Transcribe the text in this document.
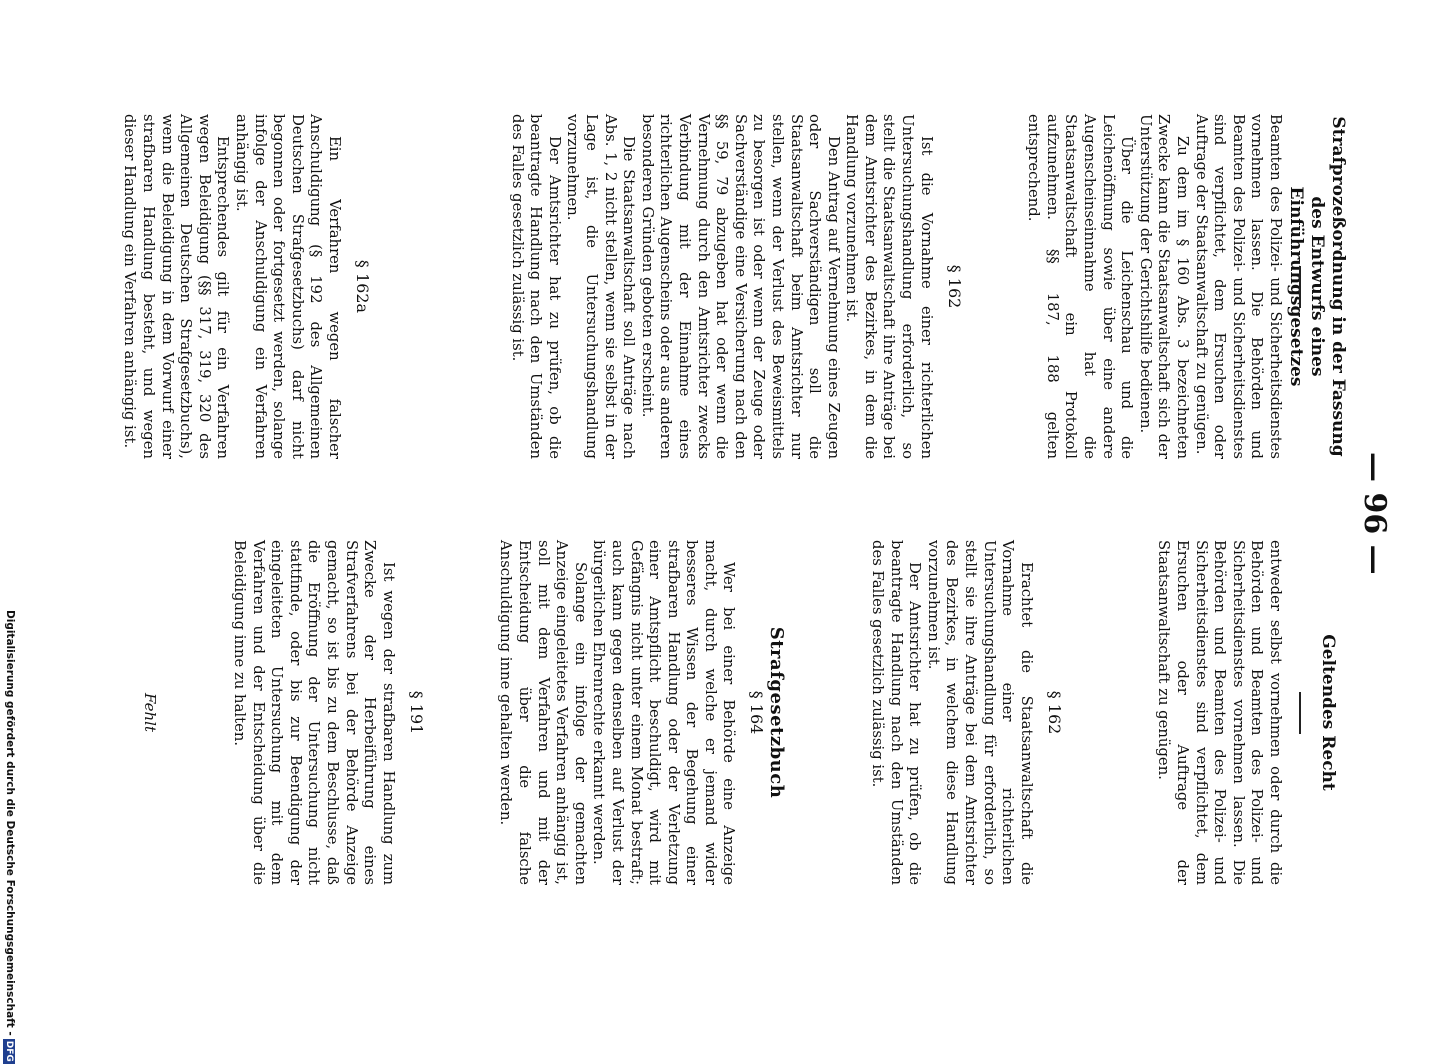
— 96 —
Strafprozeßordnung in der Fassung
des Entwurfs eines Einführungsgesetzes

Beamten des Polizei- und Sicherheitsdienstes vornehmen lassen. Die Behörden und Beamten des Polizei- und Sicherheitsdienstes sind verpflichtet, dem Ersuchen oder Auftrage der Staatsanwaltschaft zu genügen.

Zu dem im § 160 Abs. 3 bezeichneten Zwecke kann die Staatsanwaltschaft sich der Unterstützung der Gerichtshilfe bedienen.

Über die Leichenschau und die Leichenöffnung sowie über eine andere Augenscheinseinnahme hat die Staatsanwaltschaft ein Protokoll aufzunehmen. §§ 187, 188 gelten entsprechend.

§ 162

Ist die Vornahme einer richterlichen Untersuchungshandlung erforderlich, so stellt die Staatsanwaltschaft ihre Anträge bei dem Amtsrichter des Bezirkes, in dem die Handlung vorzunehmen ist.

Den Antrag auf Vernehmung eines Zeugen oder Sachverständigen soll die Staatsanwaltschaft beim Amtsrichter nur stellen, wenn der Verlust des Beweismittels zu besorgen ist oder wenn der Zeuge oder Sachverständige eine Versicherung nach den §§ 59, 79 abzugeben hat oder wenn die Vernehmung durch den Amtsrichter zwecks Verbindung mit der Einnahme eines richterlichen Augenscheins oder aus anderen besonderen Gründen geboten erscheint.

Die Staatsanwaltschaft soll Anträge nach Abs. 1, 2 nicht stellen, wenn sie selbst in der Lage ist, die Untersuchungshandlung vorzunehmen.

Der Amtsrichter hat zu prüfen, ob die beantragte Handlung nach den Umständen des Falles gesetzlich zulässig ist.

§ 162a

Ein Verfahren wegen falscher Anschuldigung (§ 192 des Allgemeinen Deutschen Strafgesetzbuchs) darf nicht begonnen oder fortgesetzt werden, solange infolge der Anschuldigung ein Verfahren anhängig ist.

Entsprechendes gilt für ein Verfahren wegen Beleidigung (§§ 317, 319, 320 des Allgemeinen Deutschen Strafgesetzbuchs), wenn die Beleidigung in dem Vorwurf einer strafbaren Handlung besteht, und wegen dieser Handlung ein Verfahren anhängig ist.

Geltendes Recht

entweder selbst vornehmen oder durch die Behörden und Beamten des Polizei- und Sicherheitsdienstes vornehmen lassen. Die Behörden und Beamten des Polizei- und Sicherheitsdienstes sind verpflichtet, dem Ersuchen oder Auftrage der Staatsanwaltschaft zu genügen.

§ 162

Erachtet die Staatsanwaltschaft die Vornahme einer richterlichen Untersuchungshandlung für erforderlich, so stellt sie ihre Anträge bei dem Amtsrichter des Bezirkes, in welchem diese Handlung vorzunehmen ist.

Der Amtsrichter hat zu prüfen, ob die beantragte Handlung nach den Umständen des Falles gesetzlich zulässig ist.

Strafgesetzbuch
§ 164

Wer bei einer Behörde eine Anzeige macht, durch welche er jemand wider besseres Wissen der Begehung einer strafbaren Handlung oder der Verletzung einer Amtspflicht beschuldigt, wird mit Gefängnis nicht unter einem Monat bestraft; auch kann gegen denselben auf Verlust der bürgerlichen Ehrenrechte erkannt werden.

Solange ein infolge der gemachten Anzeige eingeleitetes Verfahren anhängig ist, soll mit dem Verfahren und mit der Entscheidung über die falsche Anschuldigung inne gehalten werden.

§ 191

Ist wegen der strafbaren Handlung zum Zwecke der Herbeiführung eines Strafverfahrens bei der Behörde Anzeige gemacht, so ist bis zu dem Beschlusse, daß die Eröffnung der Untersuchung nicht stattfinde, oder bis zur Beendigung der eingeleiteten Untersuchung mit dem Verfahren und der Entscheidung über die Beleidigung inne zu halten.

Fehlt
Digitalisierung gefördert durch die Deutsche Forschungsgemeinschaft -DFG
